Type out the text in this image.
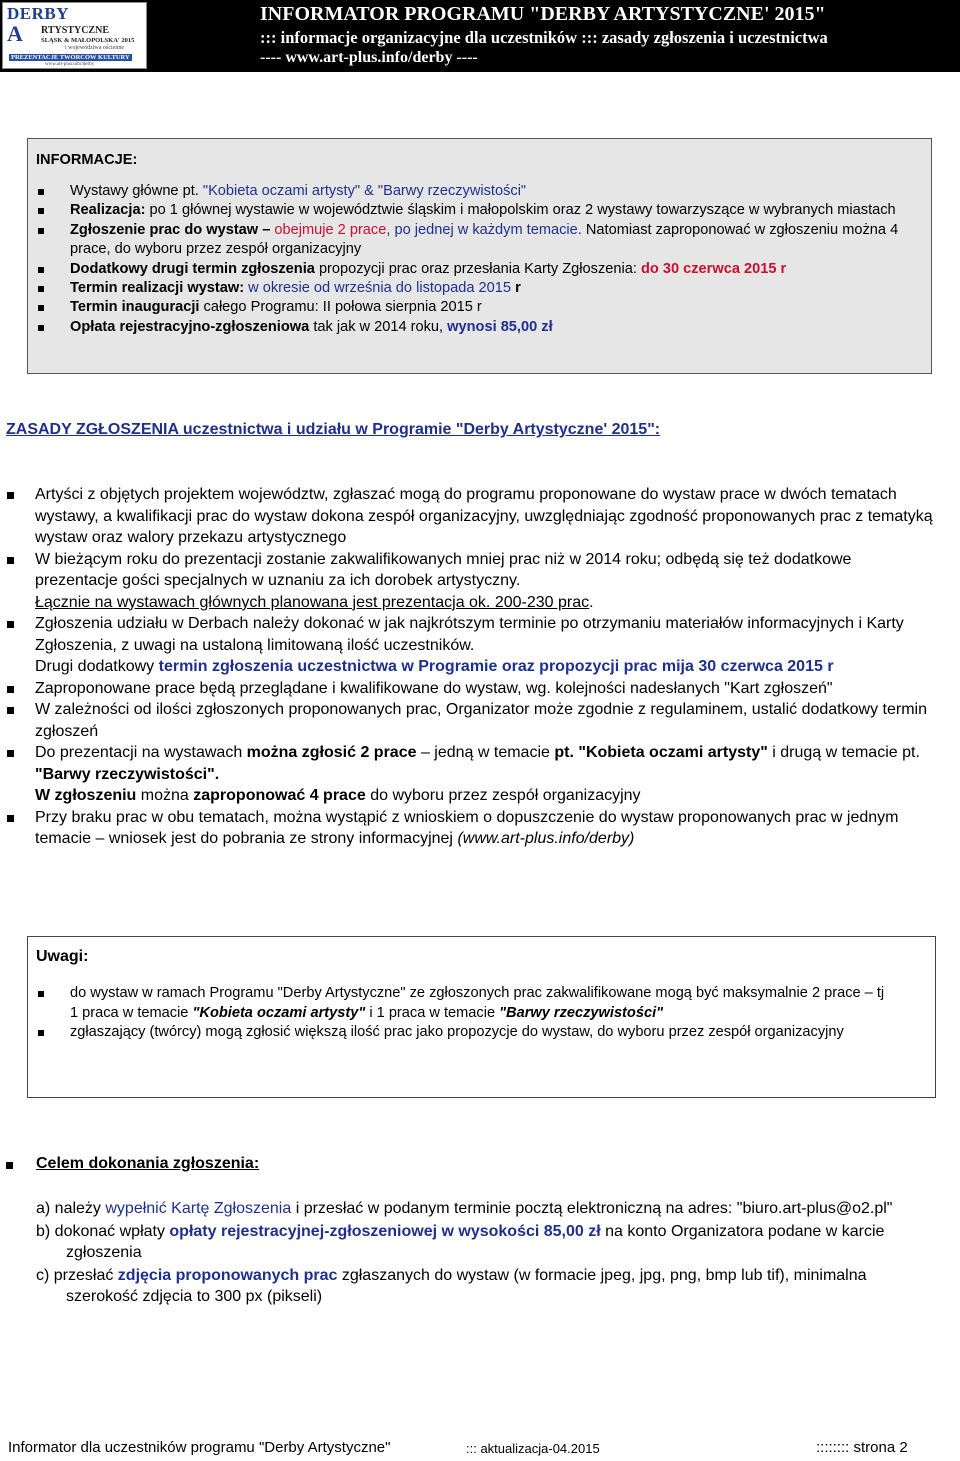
DERBY
A RTYSTYCZNE
ŚLĄSK & MAŁOPOLSKA' 2015
i województwa ościenne
PREZENTACJE TWÓRCÓW KULTURY
www.art-plus.info/derby
INFORMATOR PROGRAMU "DERBY ARTYSTYCZNE' 2015"
::: informacje organizacyjne dla uczestników ::: zasady zgłoszenia i uczestnictwa
---- www.art-plus.info/derby ----
INFORMACJE:
Wystawy główne pt. "Kobieta oczami artysty" & "Barwy rzeczywistości"
Realizacja: po 1 głównej wystawie w województwie śląskim i małopolskim oraz 2 wystawy towarzyszące w wybranych miastach
Zgłoszenie prac do wystaw – obejmuje 2 prace, po jednej w każdym temacie. Natomiast zaproponować w zgłoszeniu można 4 prace, do wyboru przez zespół organizacyjny
Dodatkowy drugi termin zgłoszenia propozycji prac oraz przesłania Karty Zgłoszenia: do 30 czerwca 2015 r
Termin realizacji wystaw: w okresie od września do listopada 2015 r
Termin inauguracji całego Programu: II połowa sierpnia 2015 r
Opłata rejestracyjno-zgłoszeniowa tak jak w 2014 roku, wynosi 85,00 zł
ZASADY ZGŁOSZENIA uczestnictwa i udziału w Programie "Derby Artystyczne' 2015":
Artyści z objętych projektem województw, zgłaszać mogą do programu proponowane do wystaw prace w dwóch tematach wystawy, a kwalifikacji prac do wystaw dokona zespół organizacyjny, uwzględniając zgodność proponowanych prac z tematyką wystaw oraz walory przekazu artystycznego
W bieżącym roku do prezentacji zostanie zakwalifikowanych mniej prac niż w 2014 roku; odbędą się też dodatkowe prezentacje gości specjalnych w uznaniu za ich dorobek artystyczny.
Łącznie na wystawach głównych planowana jest prezentacja ok. 200-230 prac.
Zgłoszenia udziału w Derbach należy dokonać w jak najkrótszym terminie po otrzymaniu materiałów informacyjnych i Karty Zgłoszenia, z uwagi na ustaloną limitowaną ilość uczestników.
Drugi dodatkowy termin zgłoszenia uczestnictwa w Programie oraz propozycji prac mija 30 czerwca 2015 r
Zaproponowane prace będą przeglądane i kwalifikowane do wystaw, wg. kolejności nadesłanych "Kart zgłoszeń"
W zależności od ilości zgłoszonych proponowanych prac, Organizator może zgodnie z regulaminem, ustalić dodatkowy termin zgłoszeń
Do prezentacji na wystawach można zgłosić 2 prace – jedną w temacie pt. "Kobieta oczami artysty" i drugą w temacie pt. "Barwy rzeczywistości".
W zgłoszeniu można zaproponować 4 prace do wyboru przez zespół organizacyjny
Przy braku prac w obu tematach, można wystąpić z wnioskiem o dopuszczenie do wystaw proponowanych prac w jednym temacie – wniosek jest do pobrania ze strony informacyjnej (www.art-plus.info/derby)
Uwagi:
do wystaw w ramach Programu "Derby Artystyczne" ze zgłoszonych prac zakwalifikowane mogą być maksymalnie 2 prace – tj 1 praca w temacie "Kobieta oczami artysty" i 1 praca w temacie "Barwy rzeczywistości"
zgłaszający (twórcy) mogą zgłosić większą ilość prac jako propozycje do wystaw, do wyboru przez zespół organizacyjny
Celem dokonania zgłoszenia:
a) należy wypełnić Kartę Zgłoszenia i przesłać w podanym terminie pocztą elektroniczną na adres: "biuro.art-plus@o2.pl"
b) dokonać wpłaty opłaty rejestracyjnej-zgłoszeniowej w wysokości 85,00 zł na konto Organizatora podane w karcie zgłoszenia
c) przesłać zdjęcia proponowanych prac zgłaszanych do wystaw (w formacie jpeg, jpg, png, bmp lub tif), minimalna szerokość zdjęcia to 300 px (pikseli)
Informator dla uczestników programu "Derby Artystyczne"	::: aktualizacja-04.2015	:::::::: strona 2
